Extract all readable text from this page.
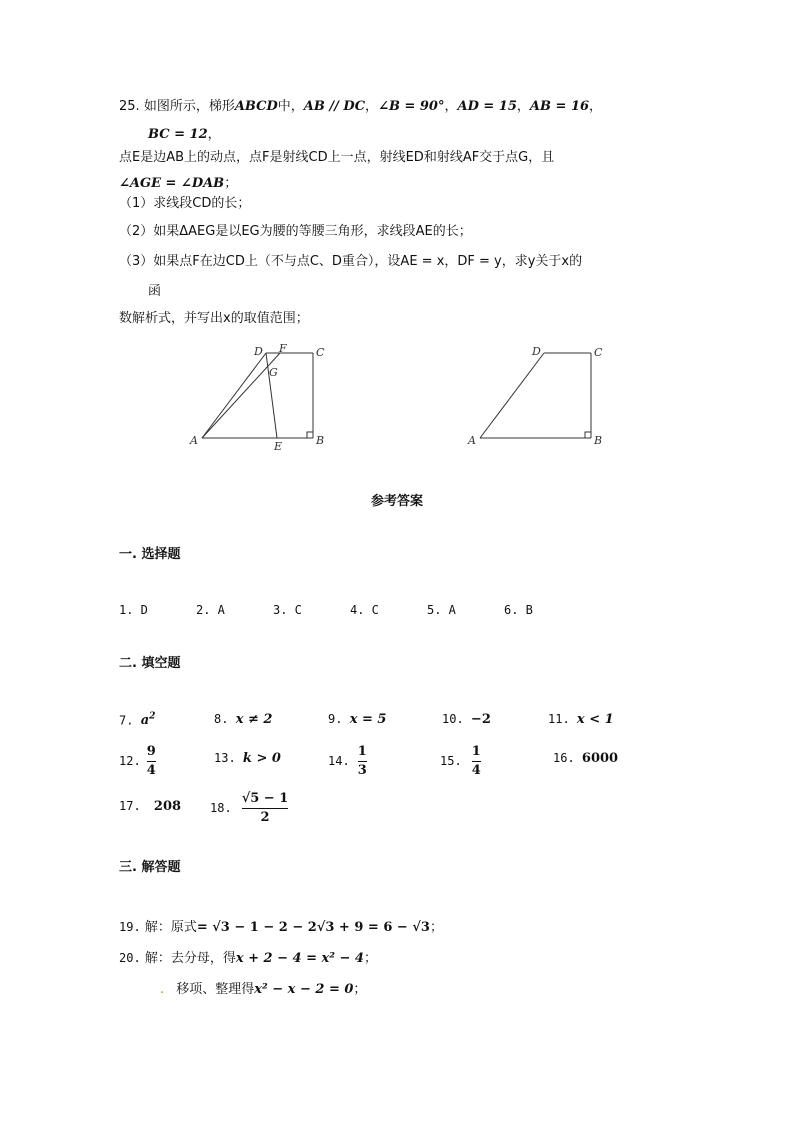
25. 如图所示，梯形ABCD中，AB // DC，∠B = 90°，AD = 15，AB = 16，
BC = 12，
点E是边AB上的动点，点F是射线CD上一点，射线ED和射线AF交于点G，且
∠AGE = ∠DAB；
（1）求线段CD的长；
（2）如果ΔAEG是以EG为腰的等腰三角形，求线段AE的长；
（3）如果点F在边CD上（不与点C、D重合），设AE = x，DF = y，求y关于x的
函
数解析式，并写出x的取值范围；
A	B
C
D
E
F
G
A	B
C
D
参考答案
一. 选择题
1. D	2. A	3. C	4. C	5. A	6. B
二. 填空题
7. $a^2$	8. x ≠ 2	9. x = 5	10. −2	11. x < 1
12. $\frac{9}{4}$	13. k > 0	14. $\frac{1}{3}$	15. $\frac{1}{4}$	16. 6000
17. 208 18. $\frac{√5 - 1}{2}$
三. 解答题
19. 解：原式= √3 − 1 − 2 − 2√3 + 9 = 6 − √3；
20. 解：去分母，得x + 2 − 4 = x² − 4；
. 移项、整理得x² − x − 2 = 0；
